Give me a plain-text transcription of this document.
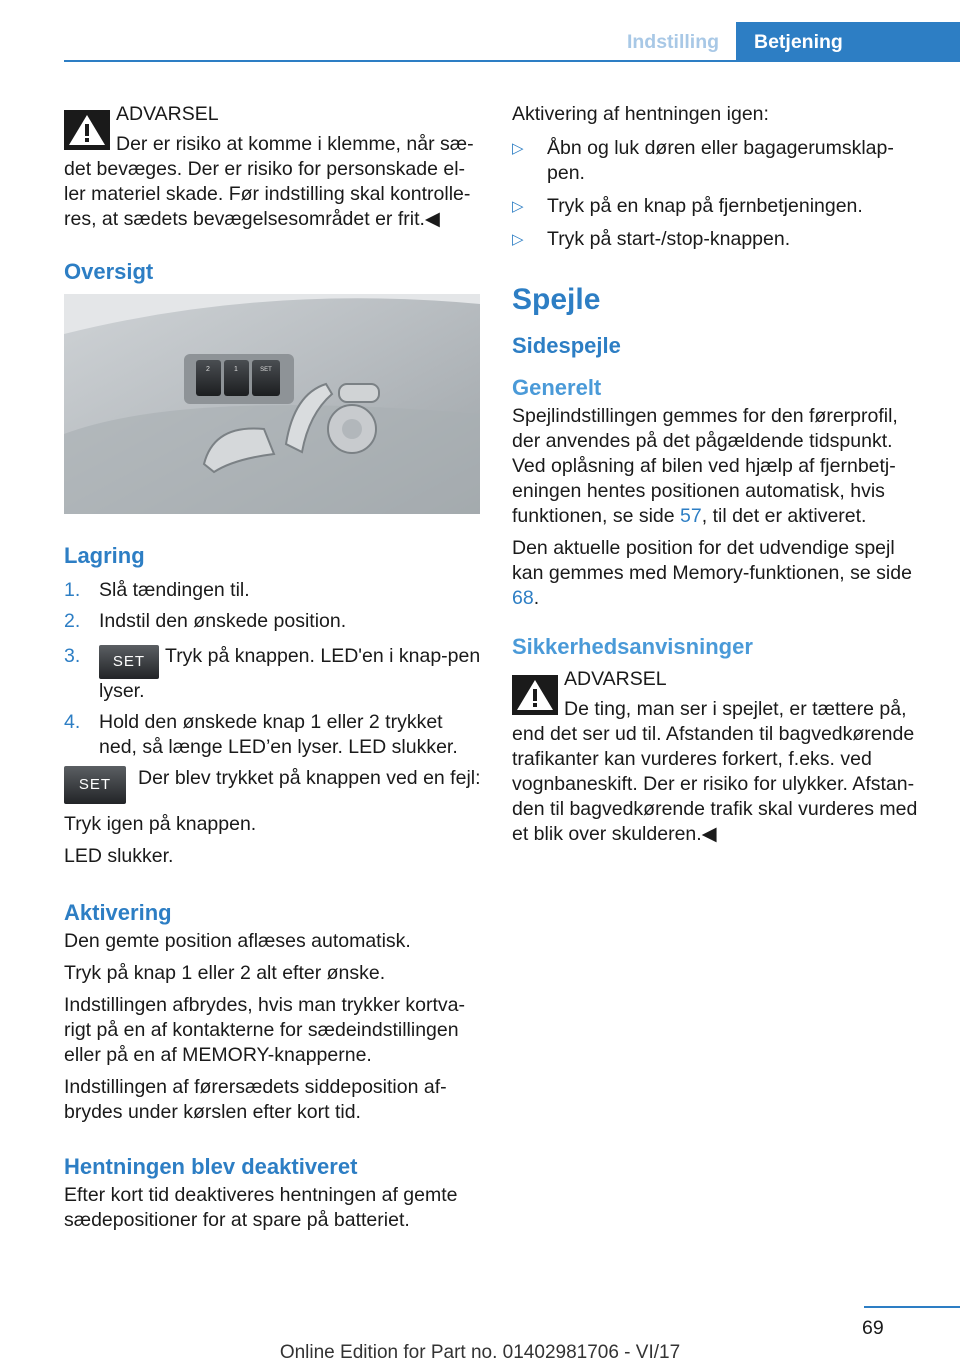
Indstilling	Betjening
ADVARSEL
Der er risiko at komme i klemme, når sæ-
det bevæges. Der er risiko for personskade el-ler materiel skade. Før indstilling skal kontrolle-res, at sædets bevægelsesområdet er frit.◀
Oversigt
2	1	SET
Lagring
1. Slå tændingen til.
2. Indstil den ønskede position.
3. SET Tryk på knappen. LED'en i knap-pen lyser.
4. Hold den ønskede knap 1 eller 2 trykket ned, så længe LED’en lyser. LED slukker.
SET	Der blev trykket på knappen ved en fejl:

Tryk igen på knappen.

LED slukker.

Aktivering

Den gemte position aflæses automatisk.

Tryk på knap 1 eller 2 alt efter ønske.

Indstillingen afbrydes, hvis man trykker kortva-rigt på en af kontakterne for sædeindstillingen eller på en af MEMORY-knapperne.

Indstillingen af førersædets siddeposition af-brydes under kørslen efter kort tid.

Hentningen blev deaktiveret

Efter kort tid deaktiveres hentningen af gemte sædepositioner for at spare på batteriet.

Aktivering af hentningen igen:

▷ Åbn og luk døren eller bagagerumsklap-pen.
▷ Tryk på en knap på fjernbetjeningen.
▷ Tryk på start-/stop-knappen.
Spejle
Sidespejle
Generelt

Spejlindstillingen gemmes for den førerprofil, der anvendes på det pågældende tidspunkt. Ved oplåsning af bilen ved hjælp af fjernbetj-eningen hentes positionen automatisk, hvis funktionen, se side 57, til det er aktiveret.

Den aktuelle position for det udvendige spejl kan gemmes med Memory-funktionen, se side 68.

Sikkerhedsanvisninger
ADVARSEL
De ting, man ser i spejlet, er tættere på,
end det ser ud til. Afstanden til bagvedkørende trafikanter kan vurderes forkert, f.eks. ved vognbaneskift. Der er risiko for ulykker. Afstan-den til bagvedkørende trafik skal vurderes med et blik over skulderen.◀
69
Online Edition for Part no. 01402981706 - VI/17
